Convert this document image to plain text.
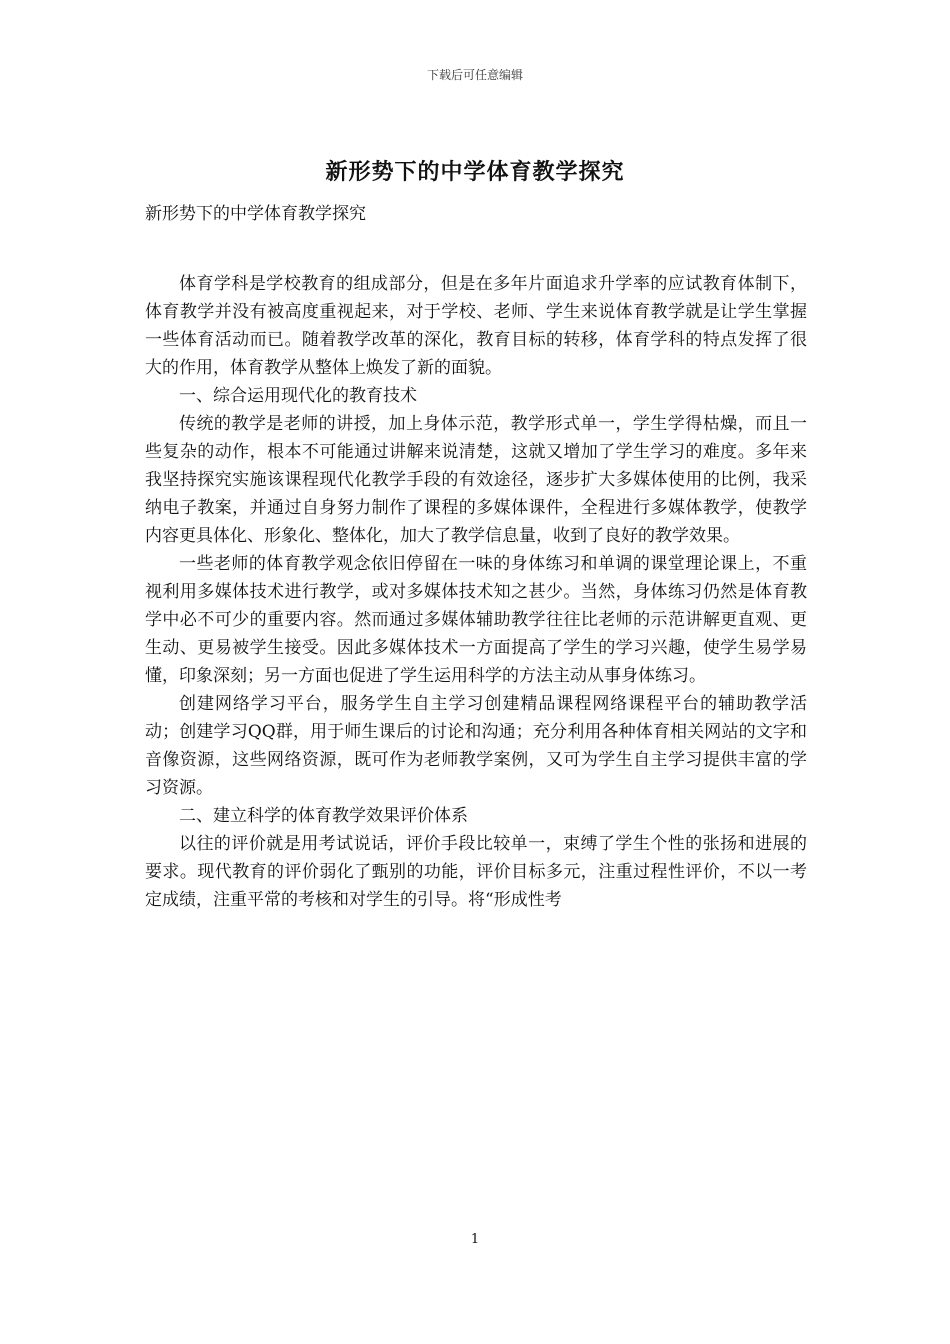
下载后可任意编辑
新形势下的中学体育教学探究
新形势下的中学体育教学探究

体育学科是学校教育的组成部分，但是在多年片面追求升学率的应试教育体制下，体育教学并没有被高度重视起来，对于学校、老师、学生来说体育教学就是让学生掌握一些体育活动而已。随着教学改革的深化，教育目标的转移，体育学科的特点发挥了很大的作用，体育教学从整体上焕发了新的面貌。

一、综合运用现代化的教育技术

传统的教学是老师的讲授，加上身体示范，教学形式单一，学生学得枯燥，而且一些复杂的动作，根本不可能通过讲解来说清楚，这就又增加了学生学习的难度。多年来我坚持探究实施该课程现代化教学手段的有效途径，逐步扩大多媒体使用的比例，我采纳电子教案，并通过自身努力制作了课程的多媒体课件，全程进行多媒体教学，使教学内容更具体化、形象化、整体化，加大了教学信息量，收到了良好的教学效果。

一些老师的体育教学观念依旧停留在一味的身体练习和单调的课堂理论课上，不重视利用多媒体技术进行教学，或对多媒体技术知之甚少。当然，身体练习仍然是体育教学中必不可少的重要内容。然而通过多媒体辅助教学往往比老师的示范讲解更直观、更生动、更易被学生接受。因此多媒体技术一方面提高了学生的学习兴趣，使学生易学易懂，印象深刻；另一方面也促进了学生运用科学的方法主动从事身体练习。

创建网络学习平台，服务学生自主学习创建精品课程网络课程平台的辅助教学活动；创建学习QQ群，用于师生课后的讨论和沟通；充分利用各种体育相关网站的文字和音像资源，这些网络资源，既可作为老师教学案例，又可为学生自主学习提供丰富的学习资源。

二、建立科学的体育教学效果评价体系

以往的评价就是用考试说话，评价手段比较单一，束缚了学生个性的张扬和进展的要求。现代教育的评价弱化了甄别的功能，评价目标多元，注重过程性评价，不以一考定成绩，注重平常的考核和对学生的引导。将“形成性考

1
